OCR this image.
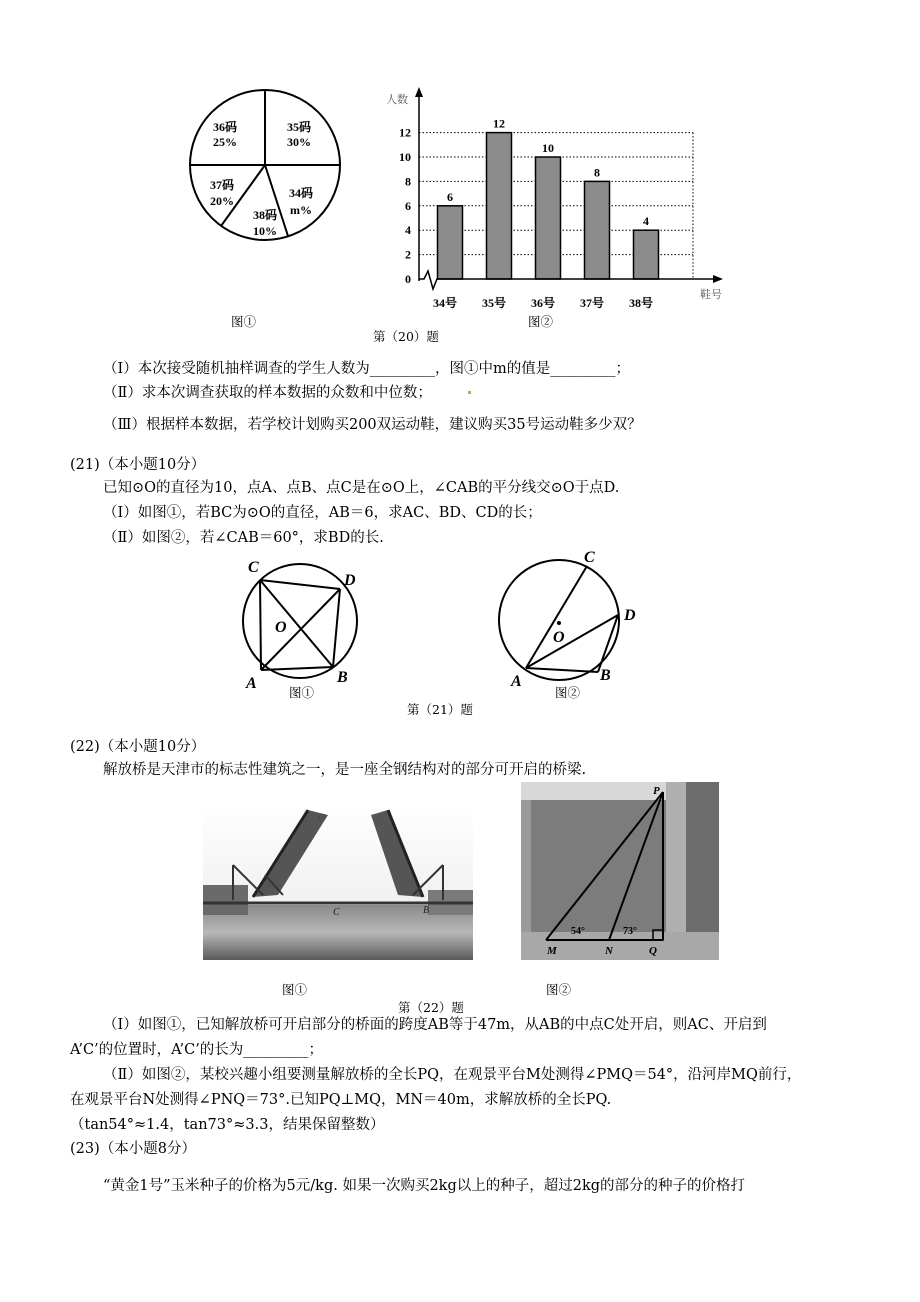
36码
25%
35码
30%
37码
20%
34码
m%
38码
10%
图①
0
2
4
6
8
10
12
6
34号
12
35号
10
36号
8
37号
4
38号
人数
鞋号
图②
第（20）题
（Ⅰ）本次接受随机抽样调查的学生人数为_________，图①中m的值是_________；
（Ⅱ）求本次调查获取的样本数据的众数和中位数；
（Ⅲ）根据样本数据，若学校计划购买200双运动鞋，建议购买35号运动鞋多少双？
(21)（本小题10分）
已知⊙O的直径为10，点A、点B、点C是在⊙O上，∠CAB的平分线交⊙O于点D.
（Ⅰ）如图①，若BC为⊙O的直径，AB＝6，求AC、BD、CD的长；
（Ⅱ）如图②，若∠CAB＝60°，求BD的长.
C
D
O
A	B
图①
C
D
O
A	B
图②
第（21）题
(22)（本小题10分）
解放桥是天津市的标志性建筑之一，是一座全钢结构对的部分可开启的桥梁.
C'
C	B
P
54°	73°
M	N	Q
图①	图②
第（22）题
（Ⅰ）如图①，已知解放桥可开启部分的桥面的跨度AB等于47m，从AB的中点C处开启，则AC、开启到
A’C’的位置时，A’C’的长为_________；
（Ⅱ）如图②，某校兴趣小组要测量解放桥的全长PQ，在观景平台M处测得∠PMQ＝54°，沿河岸MQ前行，
在观景平台N处测得∠PNQ＝73°.已知PQ⊥MQ，MN＝40m，求解放桥的全长PQ.
（tan54°≈1.4，tan73°≈3.3，结果保留整数）
(23)（本小题8分）
“黄金1号”玉米种子的价格为5元/kg. 如果一次购买2kg以上的种子，超过2kg的部分的种子的价格打
